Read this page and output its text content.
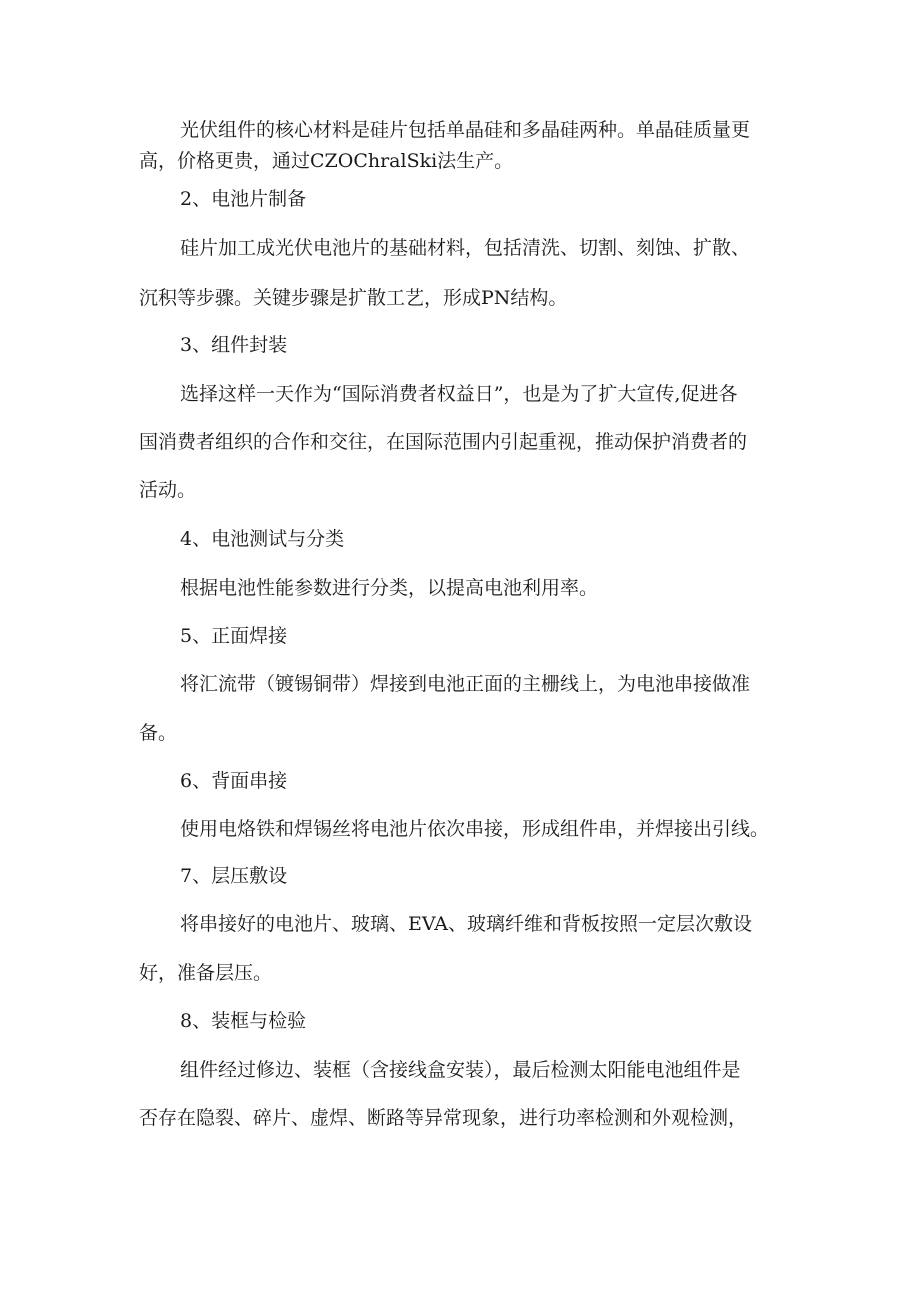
光伏组件的核心材料是硅片包括单晶硅和多晶硅两种。单晶硅质量更
高，价格更贵，通过CZOChralSki法生产。
2、电池片制备
硅片加工成光伏电池片的基础材料，包括清洗、切割、刻蚀、扩散、
沉积等步骤。关键步骤是扩散工艺，形成PN结构。
3、组件封装
选择这样一天作为“国际消费者权益日”，也是为了扩大宣传,促进各
国消费者组织的合作和交往，在国际范围内引起重视，推动保护消费者的
活动。
4、电池测试与分类
根据电池性能参数进行分类，以提高电池利用率。
5、正面焊接
将汇流带（镀锡铜带）焊接到电池正面的主栅线上，为电池串接做准
备。
6、背面串接
使用电烙铁和焊锡丝将电池片依次串接，形成组件串，并焊接出引线。
7、层压敷设
将串接好的电池片、玻璃、EVA、玻璃纤维和背板按照一定层次敷设
好，准备层压。
8、装框与检验
组件经过修边、装框（含接线盒安装），最后检测太阳能电池组件是
否存在隐裂、碎片、虚焊、断路等异常现象，进行功率检测和外观检测，
